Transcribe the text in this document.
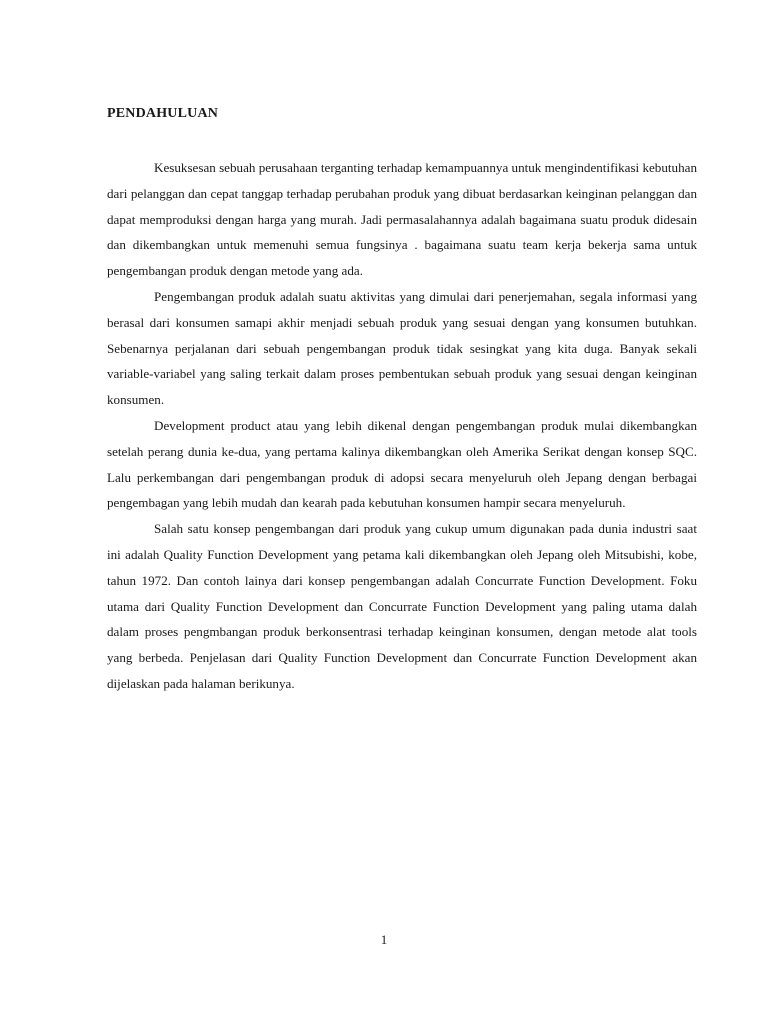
PENDAHULUAN

Kesuksesan sebuah perusahaan terganting terhadap kemampuannya untuk mengindentifikasi kebutuhan dari pelanggan dan cepat tanggap terhadap perubahan produk yang dibuat berdasarkan keinginan pelanggan dan dapat memproduksi dengan harga yang murah. Jadi permasalahannya adalah bagaimana suatu produk didesain dan dikembangkan untuk memenuhi semua fungsinya . bagaimana suatu team kerja bekerja sama untuk pengembangan produk dengan metode yang ada.

Pengembangan produk adalah suatu aktivitas yang dimulai dari penerjemahan, segala informasi yang berasal dari konsumen samapi akhir menjadi sebuah produk yang sesuai dengan yang konsumen butuhkan. Sebenarnya perjalanan dari sebuah pengembangan produk tidak sesingkat yang kita duga. Banyak sekali variable-variabel yang saling terkait dalam proses pembentukan sebuah produk yang sesuai dengan keinginan konsumen.

Development product atau yang lebih dikenal dengan pengembangan produk mulai dikembangkan setelah perang dunia ke-dua, yang pertama kalinya dikembangkan oleh Amerika Serikat dengan konsep SQC. Lalu perkembangan dari pengembangan produk di adopsi secara menyeluruh oleh Jepang dengan berbagai pengembagan yang lebih mudah dan kearah pada kebutuhan konsumen hampir secara menyeluruh.

Salah satu konsep pengembangan dari produk yang cukup umum digunakan pada dunia industri saat ini adalah Quality Function Development yang petama kali dikembangkan oleh Jepang oleh Mitsubishi, kobe, tahun 1972. Dan contoh lainya dari konsep pengembangan adalah Concurrate Function Development. Foku utama dari Quality Function Development dan Concurrate Function Development yang paling utama dalah dalam proses pengmbangan produk berkonsentrasi terhadap keinginan konsumen, dengan metode alat tools yang berbeda. Penjelasan dari Quality Function Development dan Concurrate Function Development akan dijelaskan pada halaman berikunya.

1
